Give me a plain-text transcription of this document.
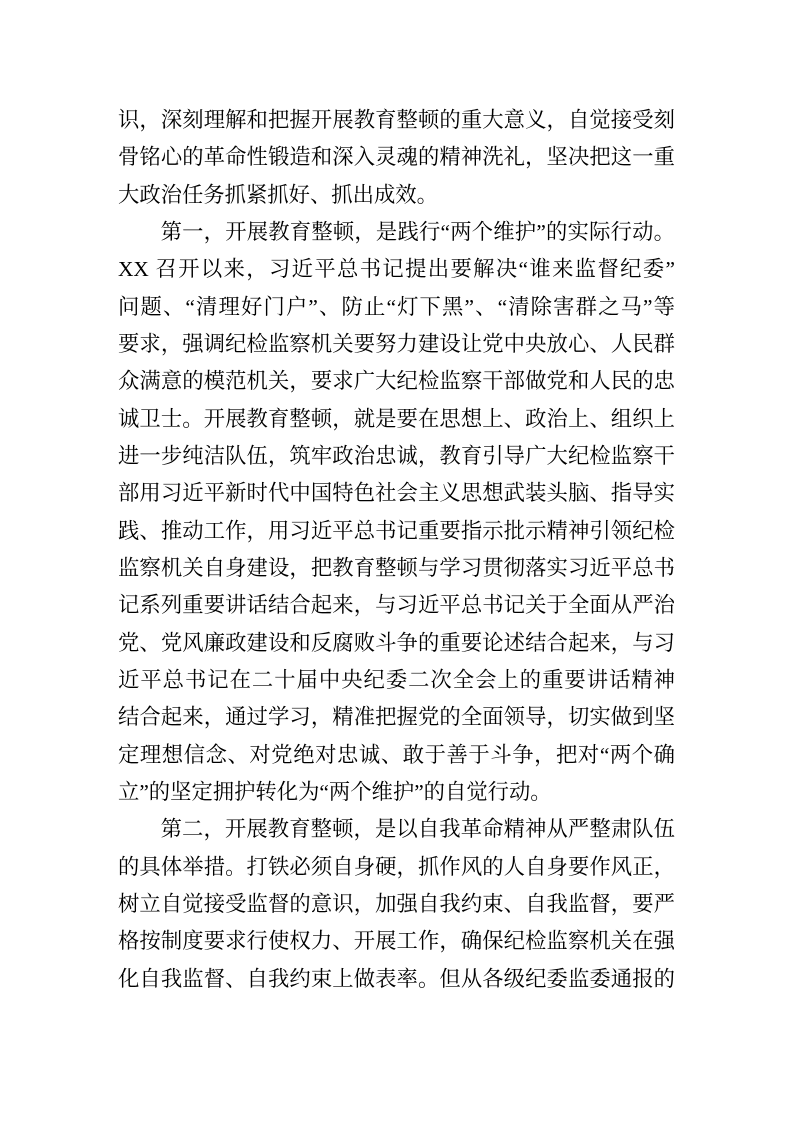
识，深刻理解和把握开展教育整顿的重大意义，自觉接受刻
骨铭心的革命性锻造和深入灵魂的精神洗礼，坚决把这一重
大政治任务抓紧抓好、抓出成效。
第一，开展教育整顿，是践行“两个维护”的实际行动。
XX 召开以来，习近平总书记提出要解决“谁来监督纪委”
问题、“清理好门户”、防止“灯下黑”、“清除害群之马”等
要求，强调纪检监察机关要努力建设让党中央放心、人民群
众满意的模范机关，要求广大纪检监察干部做党和人民的忠
诚卫士。开展教育整顿，就是要在思想上、政治上、组织上
进一步纯洁队伍，筑牢政治忠诚，教育引导广大纪检监察干
部用习近平新时代中国特色社会主义思想武装头脑、指导实
践、推动工作，用习近平总书记重要指示批示精神引领纪检
监察机关自身建设，把教育整顿与学习贯彻落实习近平总书
记系列重要讲话结合起来，与习近平总书记关于全面从严治
党、党风廉政建设和反腐败斗争的重要论述结合起来，与习
近平总书记在二十届中央纪委二次全会上的重要讲话精神
结合起来，通过学习，精准把握党的全面领导，切实做到坚
定理想信念、对党绝对忠诚、敢于善于斗争，把对“两个确
立”的坚定拥护转化为“两个维护”的自觉行动。
第二，开展教育整顿，是以自我革命精神从严整肃队伍
的具体举措。打铁必须自身硬，抓作风的人自身要作风正，
树立自觉接受监督的意识，加强自我约束、自我监督，要严
格按制度要求行使权力、开展工作，确保纪检监察机关在强
化自我监督、自我约束上做表率。但从各级纪委监委通报的
